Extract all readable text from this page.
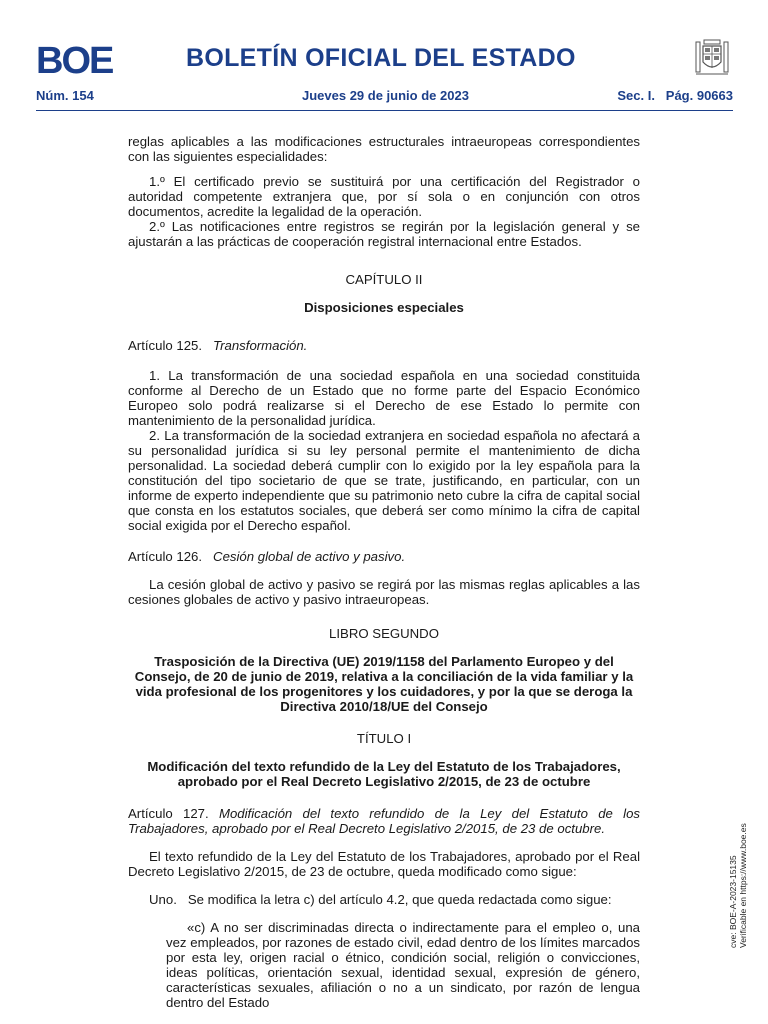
BOE	BOLETÍN OFICIAL DEL ESTADO
Núm. 154	Jueves 29 de junio de 2023	Sec. I.   Pág. 90663

reglas aplicables a las modificaciones estructurales intraeuropeas correspondientes con las siguientes especialidades:

1.º El certificado previo se sustituirá por una certificación del Registrador o autoridad competente extranjera que, por sí sola o en conjunción con otros documentos, acredite la legalidad de la operación.

2.º Las notificaciones entre registros se regirán por la legislación general y se ajustarán a las prácticas de cooperación registral internacional entre Estados.

CAPÍTULO II

Disposiciones especiales

Artículo 125. Transformación.

1. La transformación de una sociedad española en una sociedad constituida conforme al Derecho de un Estado que no forme parte del Espacio Económico Europeo solo podrá realizarse si el Derecho de ese Estado lo permite con mantenimiento de la personalidad jurídica.

2. La transformación de la sociedad extranjera en sociedad española no afectará a su personalidad jurídica si su ley personal permite el mantenimiento de dicha personalidad. La sociedad deberá cumplir con lo exigido por la ley española para la constitución del tipo societario de que se trate, justificando, en particular, con un informe de experto independiente que su patrimonio neto cubre la cifra de capital social que consta en los estatutos sociales, que deberá ser como mínimo la cifra de capital social exigida por el Derecho español.

Artículo 126. Cesión global de activo y pasivo.

La cesión global de activo y pasivo se regirá por las mismas reglas aplicables a las cesiones globales de activo y pasivo intraeuropeas.

LIBRO SEGUNDO

Trasposición de la Directiva (UE) 2019/1158 del Parlamento Europeo y del Consejo, de 20 de junio de 2019, relativa a la conciliación de la vida familiar y la vida profesional de los progenitores y los cuidadores, y por la que se deroga la Directiva 2010/18/UE del Consejo

TÍTULO I

Modificación del texto refundido de la Ley del Estatuto de los Trabajadores, aprobado por el Real Decreto Legislativo 2/2015, de 23 de octubre

Artículo 127. Modificación del texto refundido de la Ley del Estatuto de los Trabajadores, aprobado por el Real Decreto Legislativo 2/2015, de 23 de octubre.

El texto refundido de la Ley del Estatuto de los Trabajadores, aprobado por el Real Decreto Legislativo 2/2015, de 23 de octubre, queda modificado como sigue:

Uno.   Se modifica la letra c) del artículo 4.2, que queda redactada como sigue:

«c) A no ser discriminadas directa o indirectamente para el empleo o, una vez empleados, por razones de estado civil, edad dentro de los límites marcados por esta ley, origen racial o étnico, condición social, religión o convicciones, ideas políticas, orientación sexual, identidad sexual, expresión de género, características sexuales, afiliación o no a un sindicato, por razón de lengua dentro del Estado

cve: BOE-A-2023-15135 Verificable en https://www.boe.es
